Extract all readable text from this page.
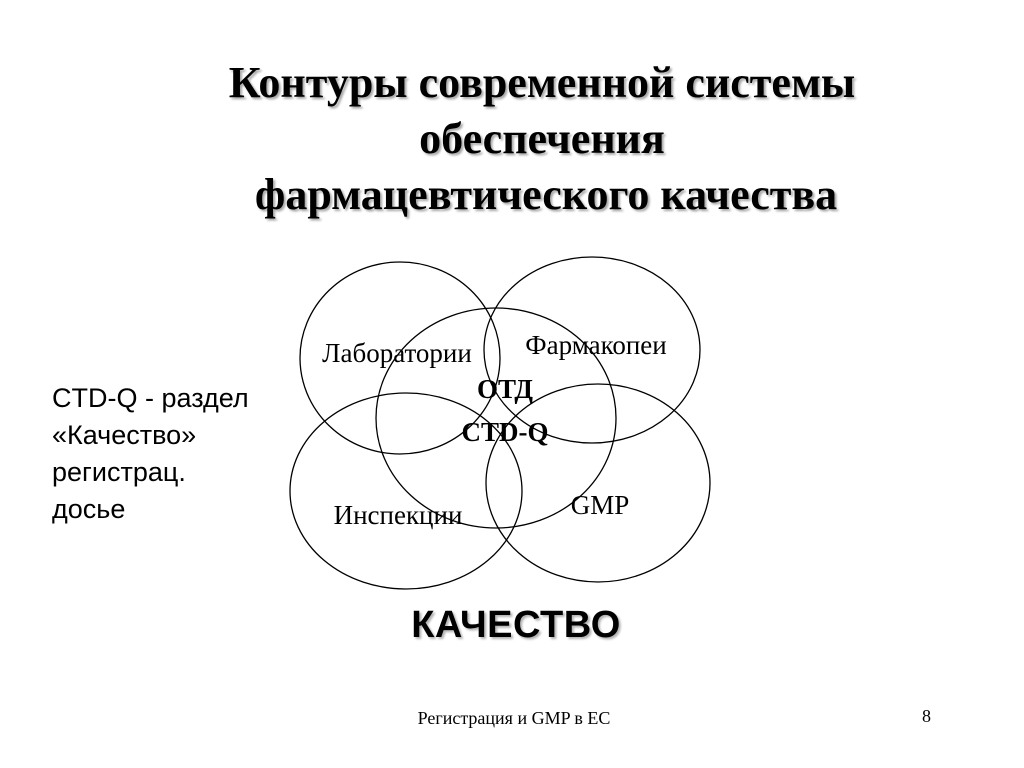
Контуры современной системы
обеспечения
фармацевтического качества
Лаборатории Фармакопеи
Инспекции	GMP
ОТД
CTD-Q
CTD-Q - раздел
«Качество»
регистрац.
досье
КАЧЕСТВО
Регистрация и GMP в ЕС	8
